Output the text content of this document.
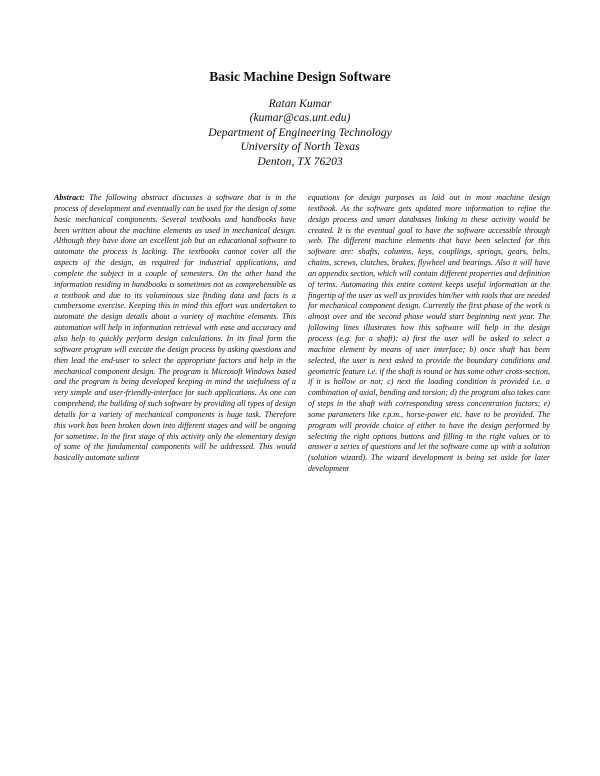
Basic Machine Design Software
Ratan Kumar
(kumar@cas.unt.edu)
Department of Engineering Technology
University of North Texas
Denton, TX 76203

Abstract: The following abstract discusses a software that is in the process of development and eventually can be used for the design of some basic mechanical components. Several textbooks and handbooks have been written about the machine elements as used in mechanical design. Although they have done an excellent job but an educational software to automate the process is lacking. The textbooks cannot cover all the aspects of the design, as required for industrial applications, and complete the subject in a couple of semesters. On the other hand the information residing in handbooks is sometimes not as comprehensible as a textbook and due to its voluminous size finding data and facts is a cumbersome exercise. Keeping this in mind this effort was undertaken to automate the design details about a variety of machine elements. This automation will help in information retrieval with ease and accuracy and also help to quickly perform design calculations. In its final form the software program will execute the design process by asking questions and then lead the end-user to select the appropriate factors and help in the mechanical component design. The program is Microsoft Windows based and the program is being developed keeping in mind the usefulness of a very simple and user-friendly-interface for such applications. As one can comprehend, the building of such software by providing all types of design details for a variety of mechanical components is huge task. Therefore this work has been broken down into different stages and will be ongoing for sometime. In the first stage of this activity only the elementary design of some of the fundamental components will be addressed. This would basically automate salient

equations for design purposes as laid out in most machine design textbook. As the software gets updated more information to refine the design process and smart databases linking to these activity would be created. It is the eventual goal to have the software accessible through web. The different machine elements that have been selected for this software are: shafts, columns, keys, couplings, springs, gears, belts, chains, screws, clutches, brakes, flywheel and bearings. Also it will have an appendix section, which will contain different properties and definition of terms. Automating this entire content keeps useful information at the fingertip of the user as well as provides him/her with tools that are needed for mechanical component design. Currently the first phase of the work is almost over and the second phase would start beginning next year. The following lines illustrates how this software will help in the design process (e.g. for a shaft): a) first the user will be asked to select a machine element by means of user interface; b) once shaft has been selected, the user is next asked to provide the boundary conditions and geometric feature i.e. if the shaft is round or has some other cross-section, if it is hollow or not; c) next the loading condition is provided i.e. a combination of axial, bending and torsion; d) the program also takes care of steps in the shaft with corresponding stress concentration factors; e) some parameters like r.p.m., horse-power etc. have to be provided. The program will provide choice of either to have the design performed by selecting the right options buttons and filling in the right values or to answer a series of questions and let the software come up with a solution (solution wizard). The wizard development is being set aside for later development
